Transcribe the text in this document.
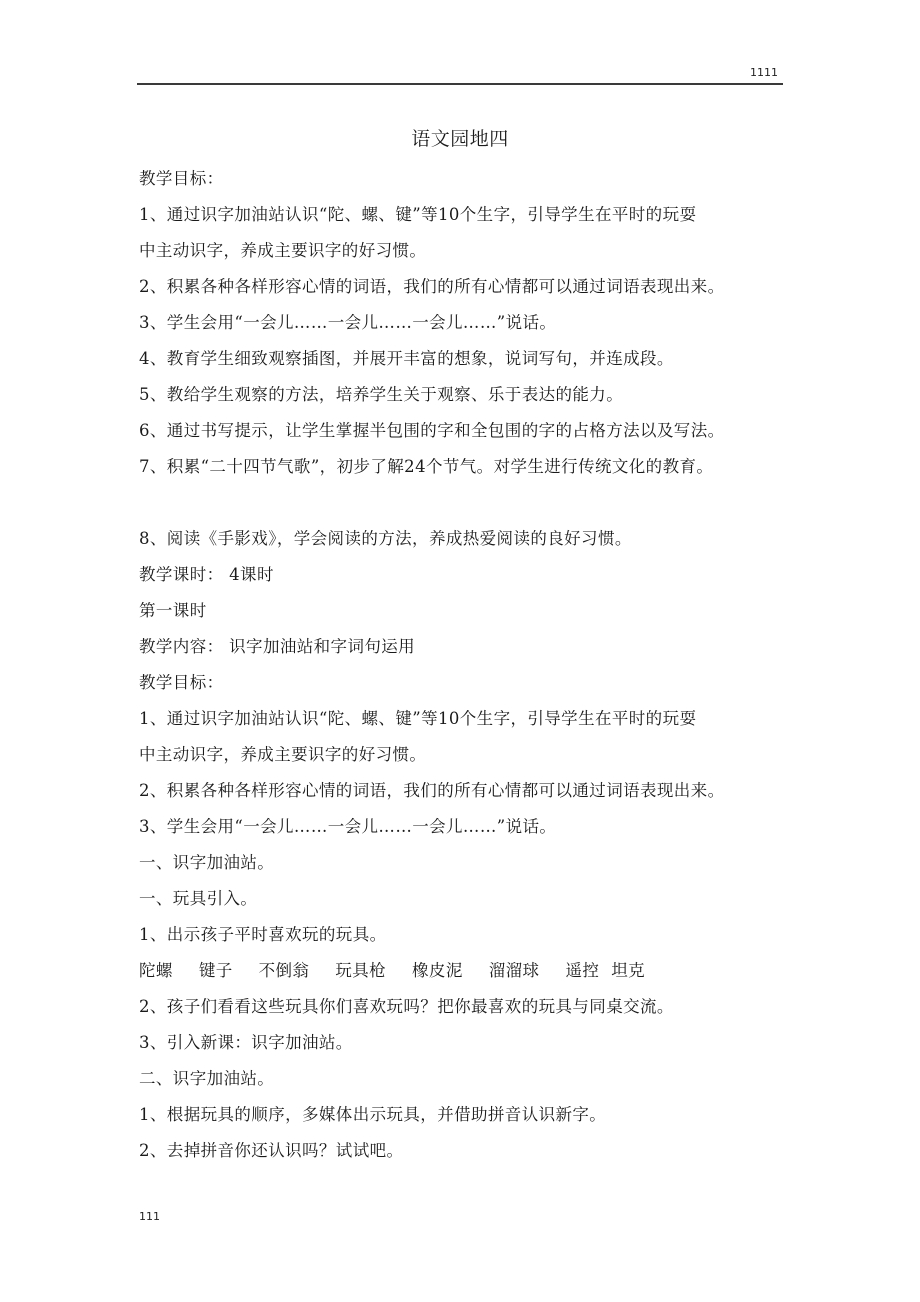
1111
语文园地四
教学目标：
1、通过识字加油站认识“陀、螺、键”等10个生字，引导学生在平时的玩耍
中主动识字，养成主要识字的好习惯。
2、积累各种各样形容心情的词语，我们的所有心情都可以通过词语表现出来。
3、学生会用“一会儿……一会儿……一会儿……”说话。
4、教育学生细致观察插图，并展开丰富的想象，说词写句，并连成段。
5、教给学生观察的方法，培养学生关于观察、乐于表达的能力。
6、通过书写提示，让学生掌握半包围的字和全包围的字的占格方法以及写法。
7、积累“二十四节气歌”，初步了解24个节气。对学生进行传统文化的教育。
8、阅读《手影戏》，学会阅读的方法，养成热爱阅读的良好习惯。
教学课时： 4课时
第一课时
教学内容： 识字加油站和字词句运用
教学目标：
1、通过识字加油站认识“陀、螺、键”等10个生字，引导学生在平时的玩耍
中主动识字，养成主要识字的好习惯。
2、积累各种各样形容心情的词语，我们的所有心情都可以通过词语表现出来。
3、学生会用“一会儿……一会儿……一会儿……”说话。
一、识字加油站。
一、玩具引入。
1、出示孩子平时喜欢玩的玩具。
陀螺 键子 不倒翁 玩具枪 橡皮泥 溜溜球 遥控 坦克
2、孩子们看看这些玩具你们喜欢玩吗？把你最喜欢的玩具与同桌交流。
3、引入新课：识字加油站。
二、识字加油站。
1、根据玩具的顺序，多媒体出示玩具，并借助拼音认识新字。
2、去掉拼音你还认识吗？试试吧。
111
